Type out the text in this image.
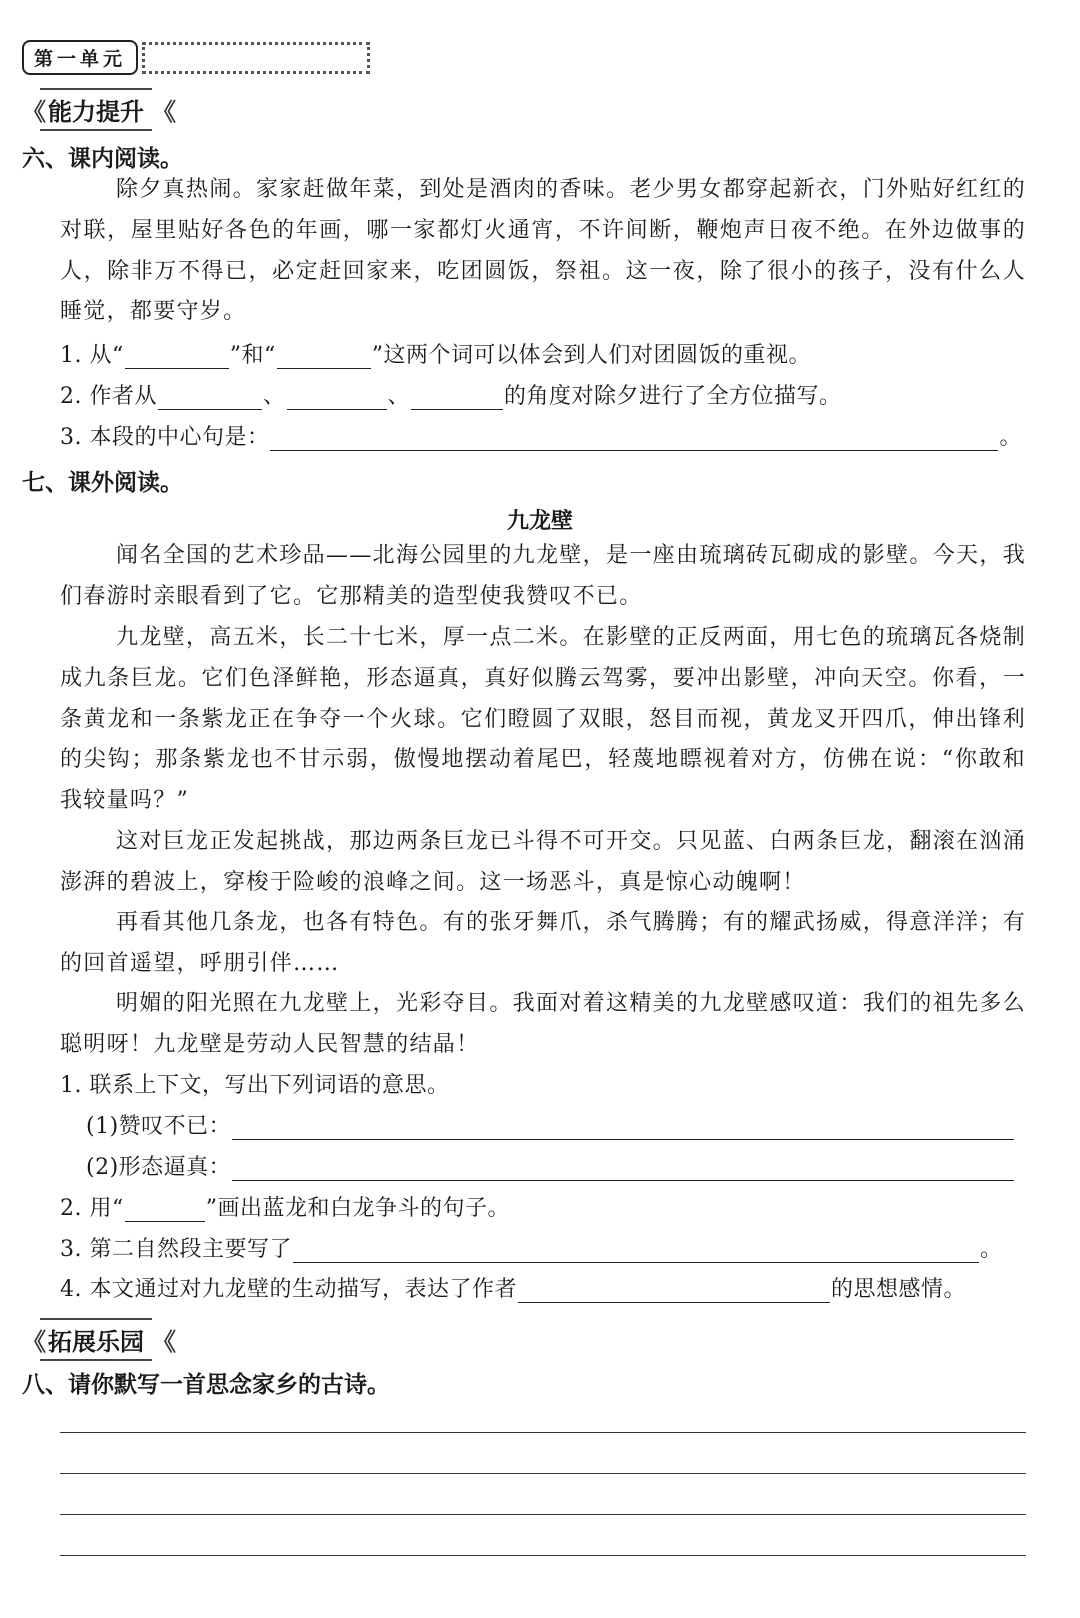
第一单元
《 能力提升 《
六、课内阅读。

除夕真热闹。家家赶做年菜，到处是酒肉的香味。老少男女都穿起新衣，门外贴好红红的对联，屋里贴好各色的年画，哪一家都灯火通宵，不许间断，鞭炮声日夜不绝。在外边做事的人，除非万不得已，必定赶回家来，吃团圆饭，祭祖。这一夜，除了很小的孩子，没有什么人睡觉，都要守岁。

1. 从“	”和“	”这两个词可以体会到人们对团圆饭的重视。
2. 作者从	、	、	的角度对除夕进行了全方位描写。
3. 本段的中心句是：	。
七、课外阅读。
九龙壁

闻名全国的艺术珍品——北海公园里的九龙壁，是一座由琉璃砖瓦砌成的影壁。今天，我们春游时亲眼看到了它。它那精美的造型使我赞叹不已。

九龙壁，高五米，长二十七米，厚一点二米。在影壁的正反两面，用七色的琉璃瓦各烧制成九条巨龙。它们色泽鲜艳，形态逼真，真好似腾云驾雾，要冲出影壁，冲向天空。你看，一条黄龙和一条紫龙正在争夺一个火球。它们瞪圆了双眼，怒目而视，黄龙叉开四爪，伸出锋利的尖钩；那条紫龙也不甘示弱，傲慢地摆动着尾巴，轻蔑地瞟视着对方，仿佛在说：“你敢和我较量吗？”

这对巨龙正发起挑战，那边两条巨龙已斗得不可开交。只见蓝、白两条巨龙，翻滚在汹涌澎湃的碧波上，穿梭于险峻的浪峰之间。这一场恶斗，真是惊心动魄啊！

再看其他几条龙，也各有特色。有的张牙舞爪，杀气腾腾；有的耀武扬威，得意洋洋；有的回首遥望，呼朋引伴……

明媚的阳光照在九龙壁上，光彩夺目。我面对着这精美的九龙壁感叹道：我们的祖先多么聪明呀！九龙壁是劳动人民智慧的结晶！

1. 联系上下文，写出下列词语的意思。
(1)赞叹不已：
(2)形态逼真：
2. 用“	”画出蓝龙和白龙争斗的句子。
3. 第二自然段主要写了	。
4. 本文通过对九龙壁的生动描写，表达了作者	的思想感情。
《 拓展乐园 《
八、请你默写一首思念家乡的古诗。
